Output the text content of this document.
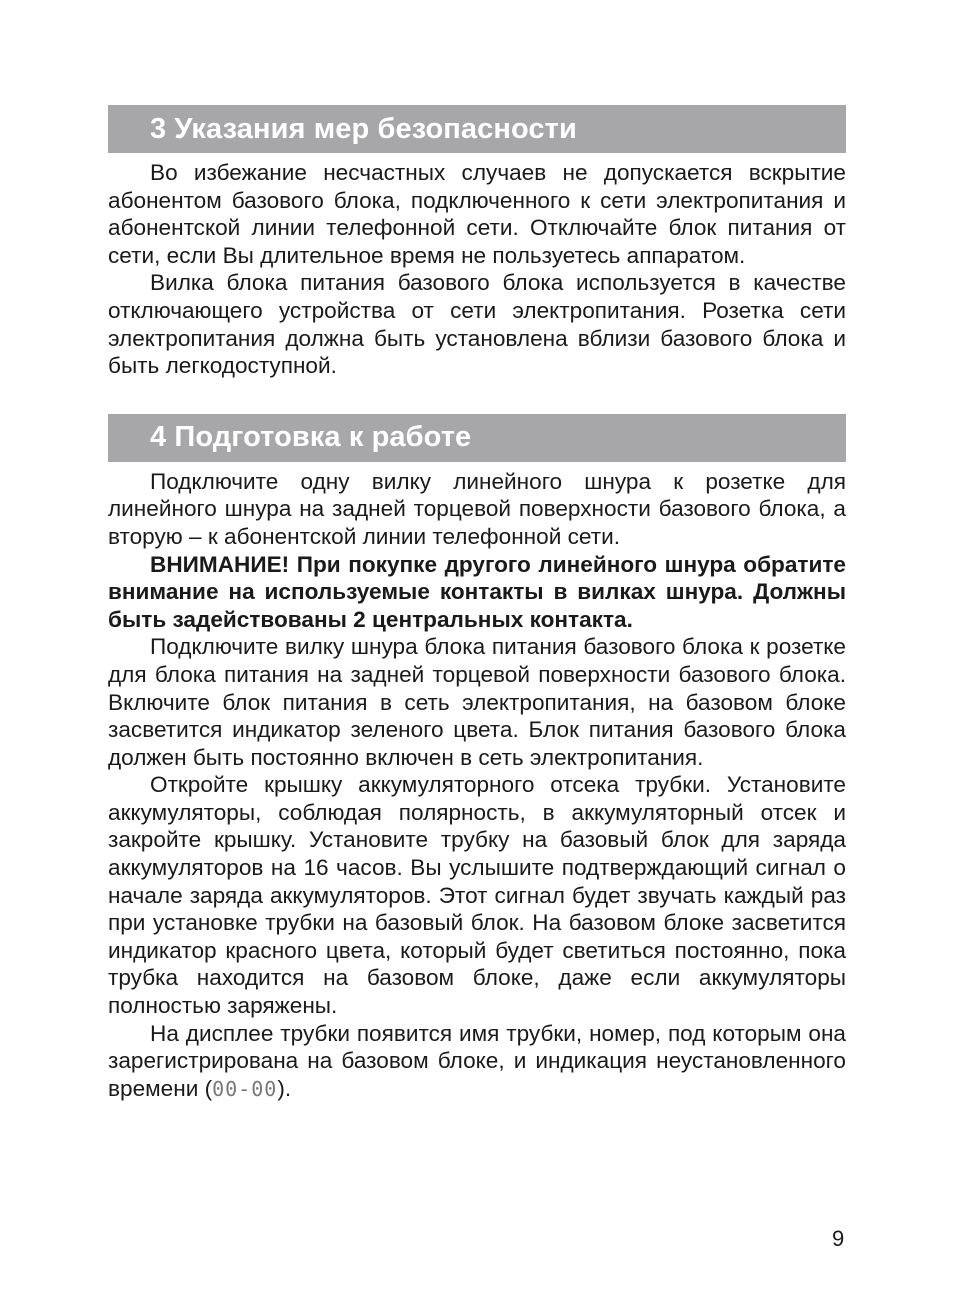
3 Указания мер безопасности

Во избежание несчастных случаев не допускается вскрытие абонентом базового блока, подключенного к сети электропитания и абонентской линии телефонной сети. Отключайте блок питания от сети, если Вы длительное время не пользуетесь аппаратом.

Вилка блока питания базового блока используется в качестве отключающего устройства от сети электропитания. Розетка сети электропитания должна быть установлена вблизи базового блока и быть легкодоступной.

4 Подготовка к работе

Подключите одну вилку линейного шнура к розетке для линейного шнура на задней торцевой поверхности базового блока, а вторую – к абонентской линии телефонной сети.

ВНИМАНИЕ! При покупке другого линейного шнура обратите внимание на используемые контакты в вилках шнура. Должны быть задействованы 2 центральных контакта.

Подключите вилку шнура блока питания базового блока к розетке для блока питания на задней торцевой поверхности базового блока. Включите блок питания в сеть электропитания, на базовом блоке засветится индикатор зеленого цвета. Блок питания базового блока должен быть постоянно включен в сеть электропитания.

Откройте крышку аккумуляторного отсека трубки. Установите аккумуляторы, соблюдая полярность, в аккумуляторный отсек и закройте крышку. Установите трубку на базовый блок для заряда аккумуляторов на 16 часов. Вы услышите подтверждающий сигнал о начале заряда аккумуляторов. Этот сигнал будет звучать каждый раз при установке трубки на базовый блок. На базовом блоке засветится индикатор красного цвета, который будет светиться постоянно, пока трубка находится на базовом блоке, даже если аккумуляторы полностью заряжены.

На дисплее трубки появится имя трубки, номер, под которым она зарегистрирована на базовом блоке, и индикация неустановленного времени (00-00).

9
